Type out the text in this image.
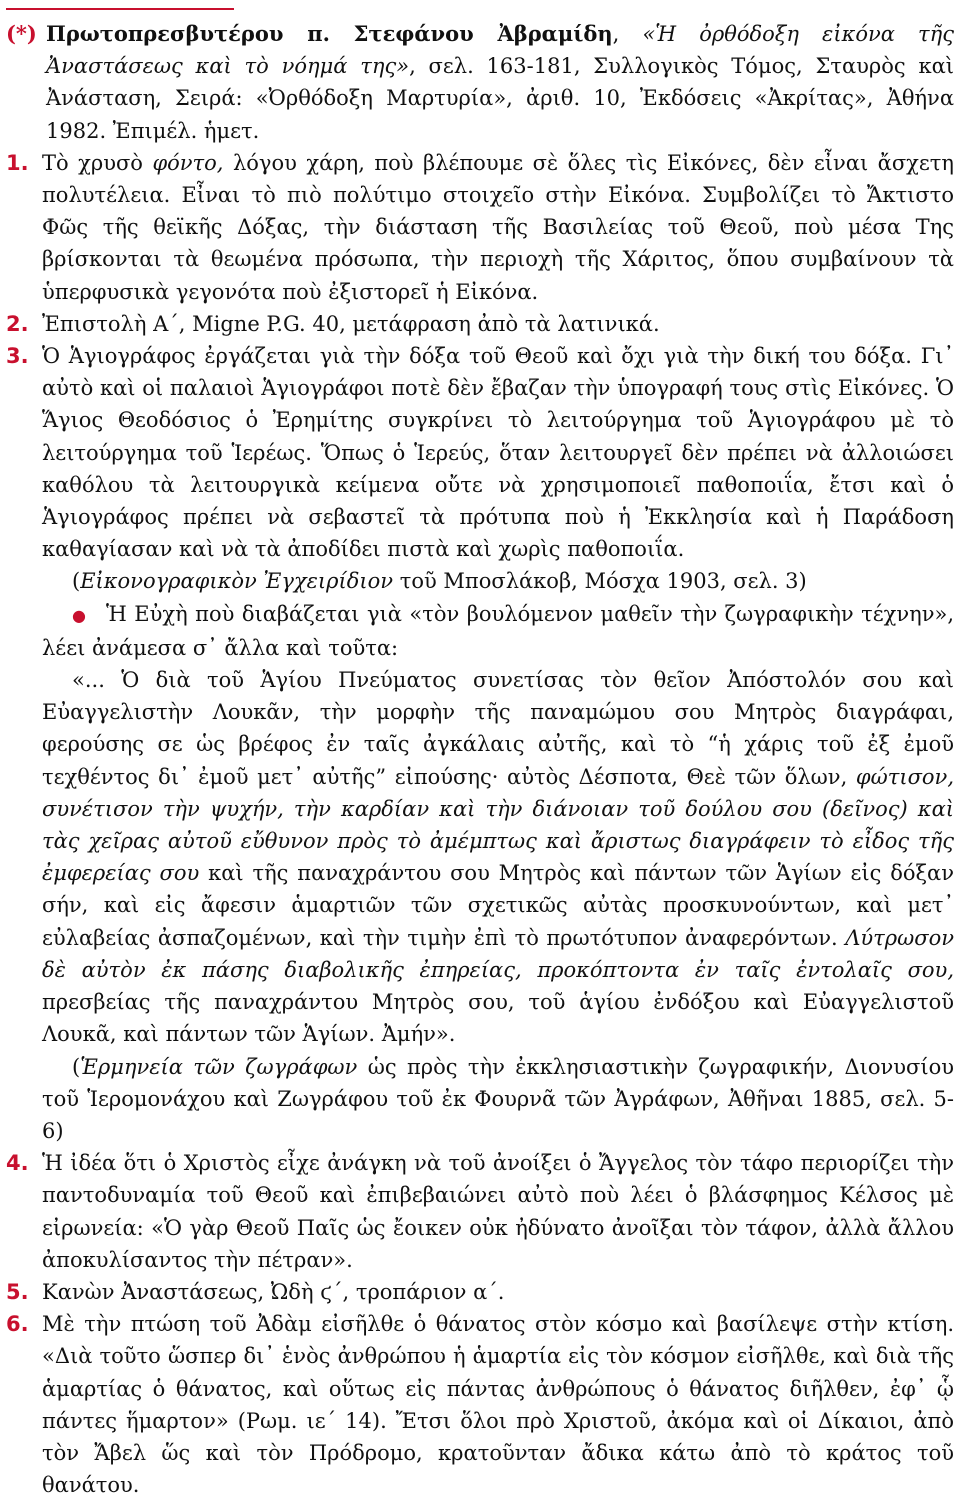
(*) Πρωτοπρεσβυτέρου π. Στεφάνου Ἀβραμίδη, «Ἡ ὀρθόδοξη εἰκόνα τῆς Ἀναστάσεως καὶ τὸ νόημά της», σελ. 163-181, Συλλογικὸς Τόμος, Σταυρὸς καὶ Ἀνάσταση, Σειρά: «Ὀρθόδοξη Μαρτυρία», ἀριθ. 10, Ἐκδόσεις «Ἀκρίτας», Ἀθήνα 1982. Ἐπιμέλ. ἡμετ.

1. Τὸ χρυσὸ φόντο, λόγου χάρη, ποὺ βλέπουμε σὲ ὅλες τὶς Εἰκόνες, δὲν εἶναι ἄσχετη πολυτέλεια. Εἶναι τὸ πιὸ πολύτιμο στοιχεῖο στὴν Εἰκόνα. Συμβολίζει τὸ Ἄκτιστο Φῶς τῆς θεϊκῆς Δόξας, τὴν διάσταση τῆς Βασιλείας τοῦ Θεοῦ, ποὺ μέσα Της βρίσκονται τὰ θεωμένα πρόσωπα, τὴν περιοχὴ τῆς Χάριτος, ὅπου συμβαίνουν τὰ ὑπερφυσικὰ γεγονότα ποὺ ἐξιστορεῖ ἡ Εἰκόνα.

2. Ἐπιστολὴ Α΄, Migne P.G. 40, μετάφραση ἀπὸ τὰ λατινικά.

3. Ὁ Ἁγιογράφος ἐργάζεται γιὰ τὴν δόξα τοῦ Θεοῦ καὶ ὄχι γιὰ τὴν δική του δόξα. Γι᾽ αὐτὸ καὶ οἱ παλαιοὶ Ἁγιογράφοι ποτὲ δὲν ἔβαζαν τὴν ὑπογραφή τους στὶς Εἰκόνες. Ὁ Ἅγιος Θεοδόσιος ὁ Ἐρημίτης συγκρίνει τὸ λειτούργημα τοῦ Ἁγιογράφου μὲ τὸ λειτούργημα τοῦ Ἱερέως. Ὅπως ὁ Ἱερεύς, ὅταν λειτουργεῖ δὲν πρέπει νὰ ἀλλοιώσει καθόλου τὰ λειτουργικὰ κείμενα οὔτε νὰ χρησιμοποιεῖ παθοποιΐα, ἔτσι καὶ ὁ Ἁγιογράφος πρέπει νὰ σεβαστεῖ τὰ πρότυπα ποὺ ἡ Ἐκκλησία καὶ ἡ Παράδοση καθαγίασαν καὶ νὰ τὰ ἀποδίδει πιστὰ καὶ χωρὶς παθοποιΐα.

(Εἰκονογραφικὸν Ἐγχειρίδιον τοῦ Μποσλάκοβ, Μόσχα 1903, σελ. 3)

● Ἡ Εὐχὴ ποὺ διαβάζεται γιὰ «τὸν βουλόμενον μαθεῖν τὴν ζωγραφικὴν τέχνην», λέει ἀνάμεσα σ᾽ ἄλλα καὶ τοῦτα:

«... Ὁ διὰ τοῦ Ἁγίου Πνεύματος συνετίσας τὸν θεῖον Ἀπόστολόν σου καὶ Εὐαγγελιστὴν Λουκᾶν, τὴν μορφὴν τῆς παναμώμου σου Μητρὸς διαγράφαι, φερούσης σε ὡς βρέφος ἐν ταῖς ἀγκάλαις αὐτῆς, καὶ τὸ “ἡ χάρις τοῦ ἐξ ἐμοῦ τεχθέντος δι᾽ ἐμοῦ μετ᾽ αὐτῆς” εἰπούσης· αὐτὸς Δέσποτα, Θεὲ τῶν ὅλων, φώτισον, συνέτισον τὴν ψυχήν, τὴν καρδίαν καὶ τὴν διάνοιαν τοῦ δούλου σου (δεῖνος) καὶ τὰς χεῖρας αὐτοῦ εὔθυνον πρὸς τὸ ἀμέμπτως καὶ ἄριστως διαγράφειν τὸ εἶδος τῆς ἐμφερείας σου καὶ τῆς παναχράντου σου Μητρὸς καὶ πάντων τῶν Ἁγίων εἰς δόξαν σήν, καὶ εἰς ἄφεσιν ἁμαρτιῶν τῶν σχετικῶς αὐτὰς προσκυνούντων, καὶ μετ᾽ εὐλαβείας ἀσπαζομένων, καὶ τὴν τιμὴν ἐπὶ τὸ πρωτότυπον ἀναφερόντων. Λύτρωσον δὲ αὐτὸν ἐκ πάσης διαβολικῆς ἐπηρείας, προκόπτοντα ἐν ταῖς ἐντολαῖς σου, πρεσβείας τῆς παναχράντου Μητρὸς σου, τοῦ ἁγίου ἐνδόξου καὶ Εὐαγγελιστοῦ Λουκᾶ, καὶ πάντων τῶν Ἁγίων. Ἀμήν».

(Ἑρμηνεία τῶν ζωγράφων ὡς πρὸς τὴν ἐκκλησιαστικὴν ζωγραφικήν, Διονυσίου τοῦ Ἱερομονάχου καὶ Ζωγράφου τοῦ ἐκ Φουρνᾶ τῶν Ἀγράφων, Ἀθῆναι 1885, σελ. 5-6)

4. Ἡ ἰδέα ὅτι ὁ Χριστὸς εἶχε ἀνάγκη νὰ τοῦ ἀνοίξει ὁ Ἄγγελος τὸν τάφο περιορίζει τὴν παντοδυναμία τοῦ Θεοῦ καὶ ἐπιβεβαιώνει αὐτὸ ποὺ λέει ὁ βλάσφημος Κέλσος μὲ εἰρωνεία: «Ὁ γὰρ Θεοῦ Παῖς ὡς ἔοικεν οὐκ ἠδύνατο ἀνοῖξαι τὸν τάφον, ἀλλὰ ἄλλου ἀποκυλίσαντος τὴν πέτραν».

5. Κανὼν Ἀναστάσεως, Ὠδὴ ϛ΄, τροπάριον α΄.

6. Μὲ τὴν πτώση τοῦ Ἀδὰμ εἰσῆλθε ὁ θάνατος στὸν κόσμο καὶ βασίλεψε στὴν κτίση. «Διὰ τοῦτο ὥσπερ δι᾽ ἑνὸς ἀνθρώπου ἡ ἁμαρτία εἰς τὸν κόσμον εἰσῆλθε, καὶ διὰ τῆς ἁμαρτίας ὁ θάνατος, καὶ οὕτως εἰς πάντας ἀνθρώπους ὁ θάνατος διῆλθεν, ἐφ᾽ ᾧ πάντες ἥμαρτον» (Ρωμ. ιε΄ 14). Ἔτσι ὅλοι πρὸ Χριστοῦ, ἀκόμα καὶ οἱ Δίκαιοι, ἀπὸ τὸν Ἄβελ ὥς καὶ τὸν Πρόδρομο, κρατοῦνταν ἄδικα κάτω ἀπὸ τὸ κράτος τοῦ θανάτου.
